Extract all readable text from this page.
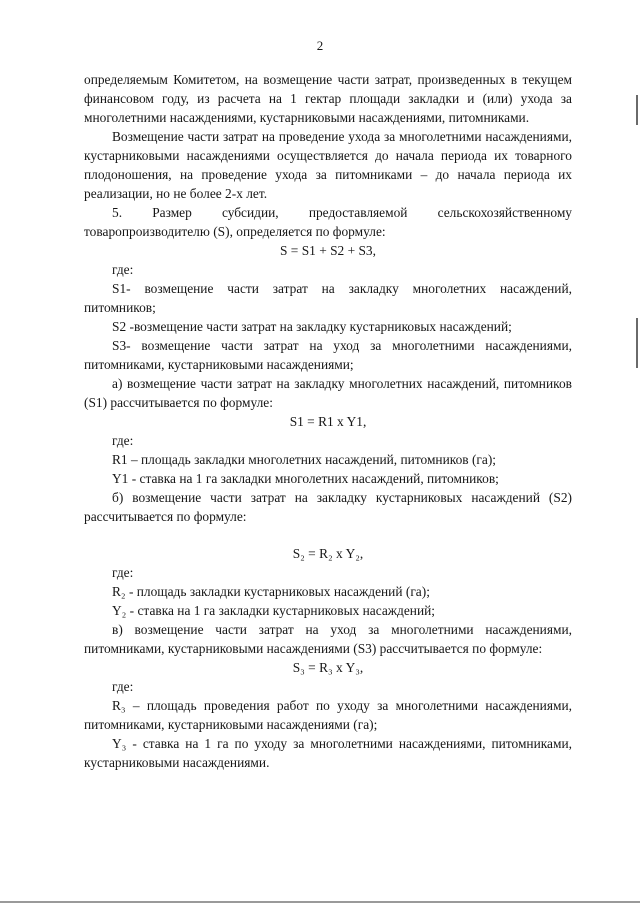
2

определяемым Комитетом, на возмещение части затрат, произведенных в текущем финансовом году, из расчета на 1 гектар площади закладки и (или) ухода за многолетними насаждениями, кустарниковыми насаждениями, питомниками.

Возмещение части затрат на проведение ухода за многолетними насаждениями, кустарниковыми насаждениями осуществляется до начала периода их товарного плодоношения, на проведение ухода за питомниками – до начала периода их реализации, но не более 2-х лет.

5. Размер субсидии, предоставляемой сельскохозяйственному товаропроизводителю (S), определяется по формуле:

S = S1 + S2 + S3,

где:

S1- возмещение части затрат на закладку многолетних насаждений, питомников;

S2 -возмещение части затрат на закладку кустарниковых насаждений;

S3- возмещение части затрат на уход за многолетними насаждениями, питомниками, кустарниковыми насаждениями;

а) возмещение части затрат на закладку многолетних насаждений, питомников (S1) рассчитывается по формуле:

S1 = R1 x Y1,

где:

R1 – площадь закладки многолетних насаждений, питомников (га);

Y1 - ставка на 1 га закладки многолетних насаждений, питомников;

б) возмещение части затрат на закладку кустарниковых насаждений (S2) рассчитывается по формуле:

S₂ = R₂ x Y₂,

где:

R₂ - площадь закладки кустарниковых насаждений (га);

Y₂ - ставка на 1 га закладки кустарниковых насаждений;

в) возмещение части затрат на уход за многолетними насаждениями, питомниками, кустарниковыми насаждениями (S3) рассчитывается по формуле:

S₃ = R₃ x Y₃,

где:

R₃ – площадь проведения работ по уходу за многолетними насаждениями, питомниками, кустарниковыми насаждениями (га);

Y₃ - ставка на 1 га по уходу за многолетними насаждениями, питомниками, кустарниковыми насаждениями.
